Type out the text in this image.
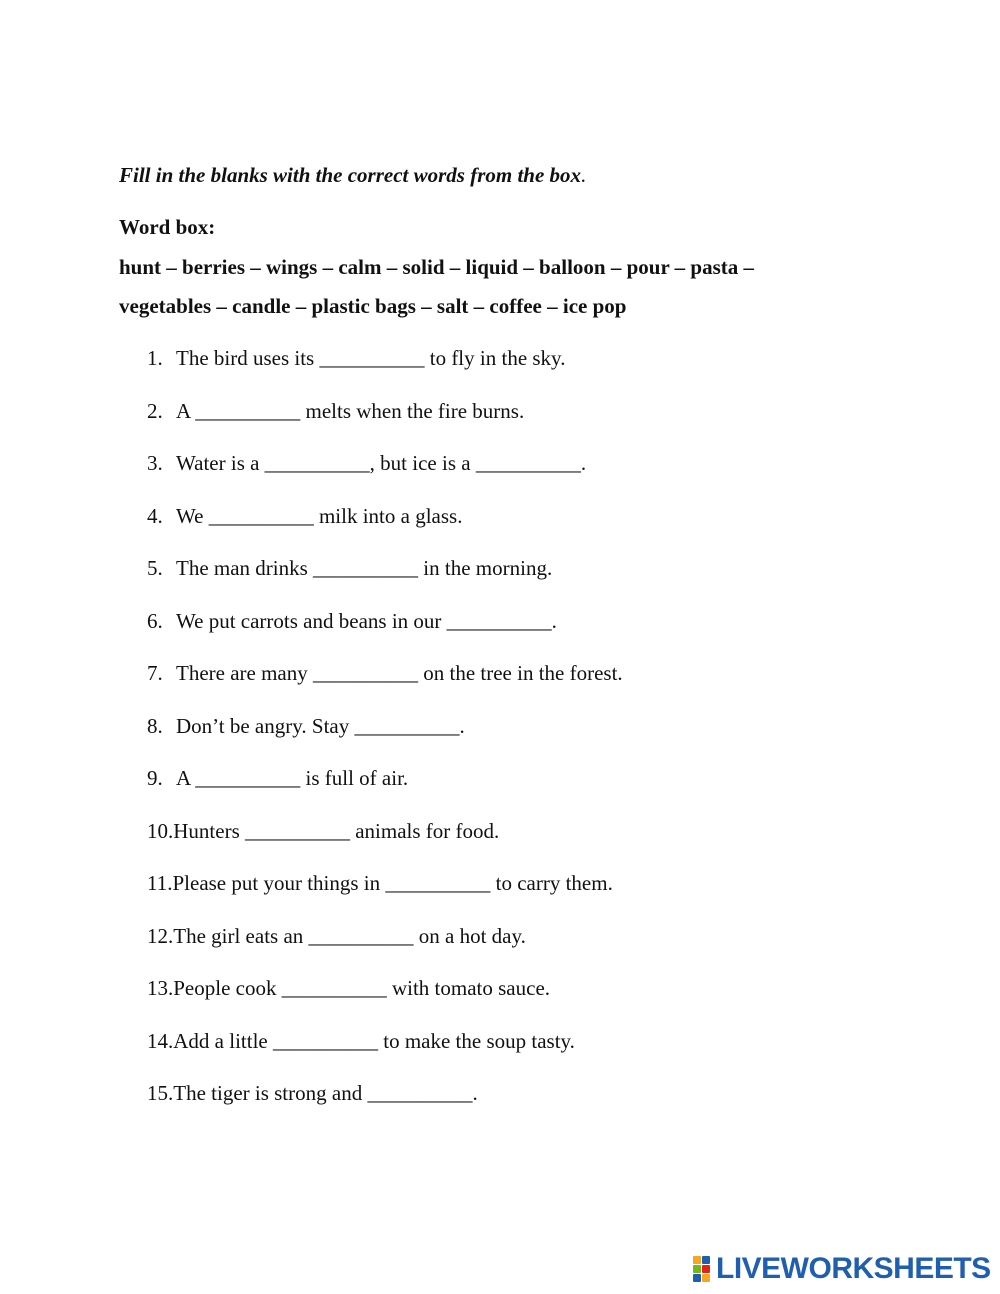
Fill in the blanks with the correct words from the box.
Word box:
hunt – berries – wings – calm – solid – liquid – balloon – pour – pasta –
vegetables – candle – plastic bags – salt – coffee – ice pop
1. The bird uses its __________ to fly in the sky.
2. A __________ melts when the fire burns.
3. Water is a __________, but ice is a __________.
4. We __________ milk into a glass.
5. The man drinks __________ in the morning.
6. We put carrots and beans in our __________.
7. There are many __________ on the tree in the forest.
8. Don’t be angry. Stay __________.
9. A __________ is full of air.
10. Hunters __________ animals for food.
11. Please put your things in __________ to carry them.
12. The girl eats an __________ on a hot day.
13. People cook __________ with tomato sauce.
14. Add a little __________ to make the soup tasty.
15. The tiger is strong and __________.
LIVEWORKSHEETS
